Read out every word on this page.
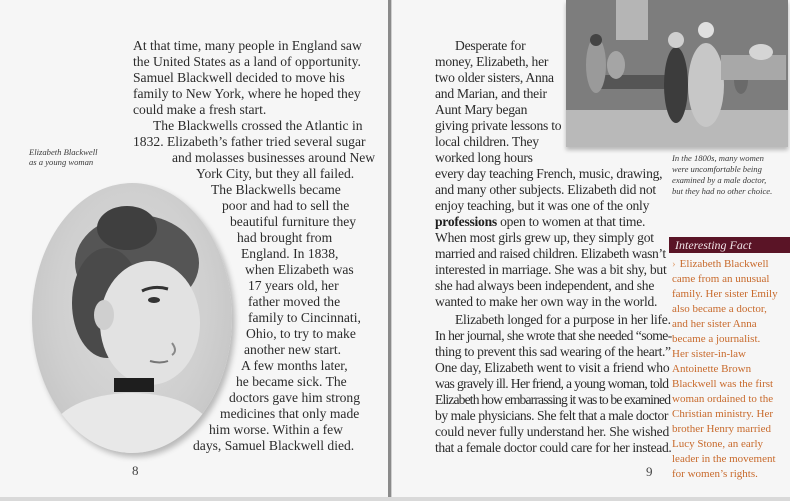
Elizabeth Blackwell
as a young woman
At that time, many people in England saw
the United States as a land of opportunity.
Samuel Blackwell decided to move his
family to New York, where he hoped they
could make a fresh start.
The Blackwells crossed the Atlantic in
1832. Elizabeth’s father tried several sugar
and molasses businesses around New
York City, but they all failed.
The Blackwells became
poor and had to sell the
beautiful furniture they
had brought from
England. In 1838,
when Elizabeth was
17 years old, her
father moved the
family to Cincinnati,
Ohio, to try to make
another new start.
A few months later,
he became sick. The
doctors gave him strong
medicines that only made
him worse. Within a few
days, Samuel Blackwell died.
8
In the 1800s, many women
were uncomfortable being
examined by a male doctor,
but they had no other choice.
Desperate for
money, Elizabeth, her
two older sisters, Anna
and Marian, and their
Aunt Mary began
giving private lessons to
local children. They
worked long hours
every day teaching French, music, drawing,
and many other subjects. Elizabeth did not
enjoy teaching, but it was one of the only
professions open to women at that time.
When most girls grew up, they simply got
married and raised children. Elizabeth wasn’t
interested in marriage. She was a bit shy, but
she had always been independent, and she
wanted to make her own way in the world.
Elizabeth longed for a purpose in her life.
In her journal, she wrote that she needed “some-
thing to prevent this sad wearing of the heart.”
One day, Elizabeth went to visit a friend who
was gravely ill. Her friend, a young woman, told
Elizabeth how embarrassing it was to be examined
by male physicians. She felt that a male doctor
could never fully understand her. She wished
that a female doctor could care for her instead.
9
Interesting Fact
› Elizabeth Blackwell
came from an unusual
family. Her sister Emily
also became a doctor,
and her sister Anna
became a journalist.
Her sister-in-law
Antoinette Brown
Blackwell was the first
woman ordained to the
Christian ministry. Her
brother Henry married
Lucy Stone, an early
leader in the movement
for women’s rights.
